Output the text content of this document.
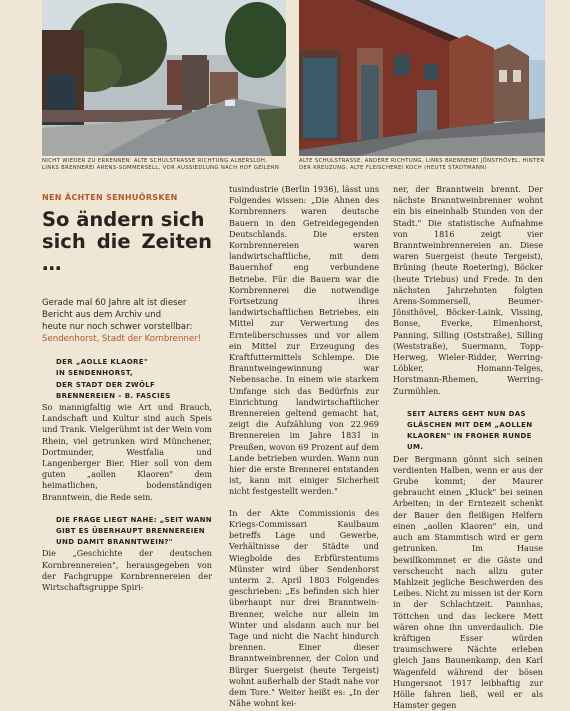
NICHT WIEDER ZU ERKENNEN: ALTE SCHULSTRASSE RICHTUNG ALBERSLOH, LINKS BRENNEREI ARENS-SOMMERSELL, VOR AUSSIEDLUNG NACH HOF GEILERN
ALTE SCHULSTRASSE, ANDERE RICHTUNG, LINKS BRENNEREI JÖNSTHÖVEL, HINTER DER KREUZUNG: ALTE FLEISCHEREI KOCH (HEUTE STADTMANN)
NEN ÄCHTEN SENHUÖRSKEN
So ändern sich
sich die Zeiten …
Gerade mal 60 Jahre alt ist dieser
Bericht aus dem Archiv und
heute nur noch schwer vorstellbar:
Sendenhorst, Stadt der Kornbrenner!
DER „AOLLE KLAORE"
IN SENDENHORST,
DER STADT DER ZWÖLF
BRENNEREIEN – B. FASCIES

So mannigfaltig wie Art und Brauch, Landschaft und Kultur sind auch Speis und Trank. Vielgerühmt ist der Wein vom Rhein, viel getrunken wird Münchener, Dortmunder, Westfalia und Langenberger Bier. Hier soll von dem guten „aollen Klaoren" dem heimatlichen, bodenständigen Branntwein, die Rede sein.

DIE FRAGE LIEGT NAHE: „SEIT WANN
GIBT ES ÜBERHAUPT BRENNEREIEN
UND DAMIT BRANNTWEIN?"

Die „Geschichte der deutschen Kornbrennereien", herausgegeben von der Fachgruppe Kornbrennereien der Wirtschaftsgruppe Spiri-

tusindustrie (Berlin 1936), lässt uns Folgendes wissen: „Die Ahnen des Kornbrenners waren deutsche Bauern in den Getreidegegenden Deutschlands. Die ersten Kornbrennereien waren landwirtschaftliche, mit dem Bauernhof eng verbundene Betriebe. Für die Bauern war die Kornbrennerei die notwendige Fortsetzung ihres landwirtschaftlichen Betriebes, ein Mittel zur Verwertung des Ernteüberschusses und vor allem ein Mittel zur Erzeugung des Kraftfuttermittels Schlempe. Die Branntweingewinnung war Nebensache. In einem wie starkem Umfange sich das Bedürfnis zur Einrichtung landwirtschaftlicher Brennereien geltend gemacht hat, zeigt die Aufzählung von 22.969 Brennereien im Jahre 1831 in Preußen, wovon 69 Prozent auf dem Lande betrieben wurden. Wann nun hier die erste Brennerei entstanden ist, kann mit einiger Sicherheit nicht festgestellt werden."

In der Akte Commissionis des Kriegs-Commissari Kaulbaum betreffs Lage und Gewerbe, Verhältnisse der Städte und Wiegbolde des Erbfürstentums Münster wird über Sendenhorst unterm 2. April 1803 Folgendes geschrieben: „Es befinden sich hier überhaupt nur drei Branntwein-Brenner, welche nur allein im Winter und alsdann auch nur bei Tage und nicht die Nacht hindurch brennen. Einer dieser Branntweinbrenner, der Colon und Bürger Suergeist (heute Tergeist) wohnt außerhalb der Stadt nahe vor dem Tore." Weiter heißt es: „In der Nähe wohnt kei-

ner, der Branntwein brennt. Der nächste Branntweinbrenner wohnt ein bis eineinhalb Stunden von der Stadt." Die statistische Aufnahme von 1816 zeigt vier Branntweinbrennereien an. Diese waren Suergeist (heute Tergeist), Brüning (heute Roetering), Böcker (heute Triebus) und Frede. In den nächsten Jahrzehnten folgten Arens-Sommersell, Beumer-Jönsthövel, Böcker-Laink, Vissing, Bonse, Everke, Elmenhorst, Panning, Silling (Oststraße), Silling (Weststraße), Suermann, Topp-Herweg, Wieler-Ridder, Werring-Löbker, Homann-Telges, Horstmann-Rhemen, Werring-Zurmühlen.

SEIT ALTERS GEHT NUN DAS
GLÄSCHEN MIT DEM „AOLLEN
KLAOREN" IN FROHER RUNDE UM.

Der Bergmann gönnt sich seinen verdienten Halben, wenn er aus der Grube kommt; der Maurer gebraucht einen „Kluck" bei seinen Arbeiten; in der Erntezeit schenkt der Bauer den fleißigen Helfern einen „aollen Klaoren" ein, und auch am Stammtisch wird er gern getrunken. Im Hause bewillkommnet er die Gäste und verscheucht nach allzu guter Mahlzeit jegliche Beschwerden des Leibes. Nicht zu missen ist der Korn in der Schlachtzeit. Pannhas, Töttchen und das leckere Mett wären ohne ihn unverdaulich. Die kräftigen Esser würden traumschwere Nächte erleben gleich Jans Baunenkamp, den Karl Wagenfeld während der bösen Hungersnot 1917 leibhaftig zur Hölle fahren ließ, weil er als Hamster gegen
